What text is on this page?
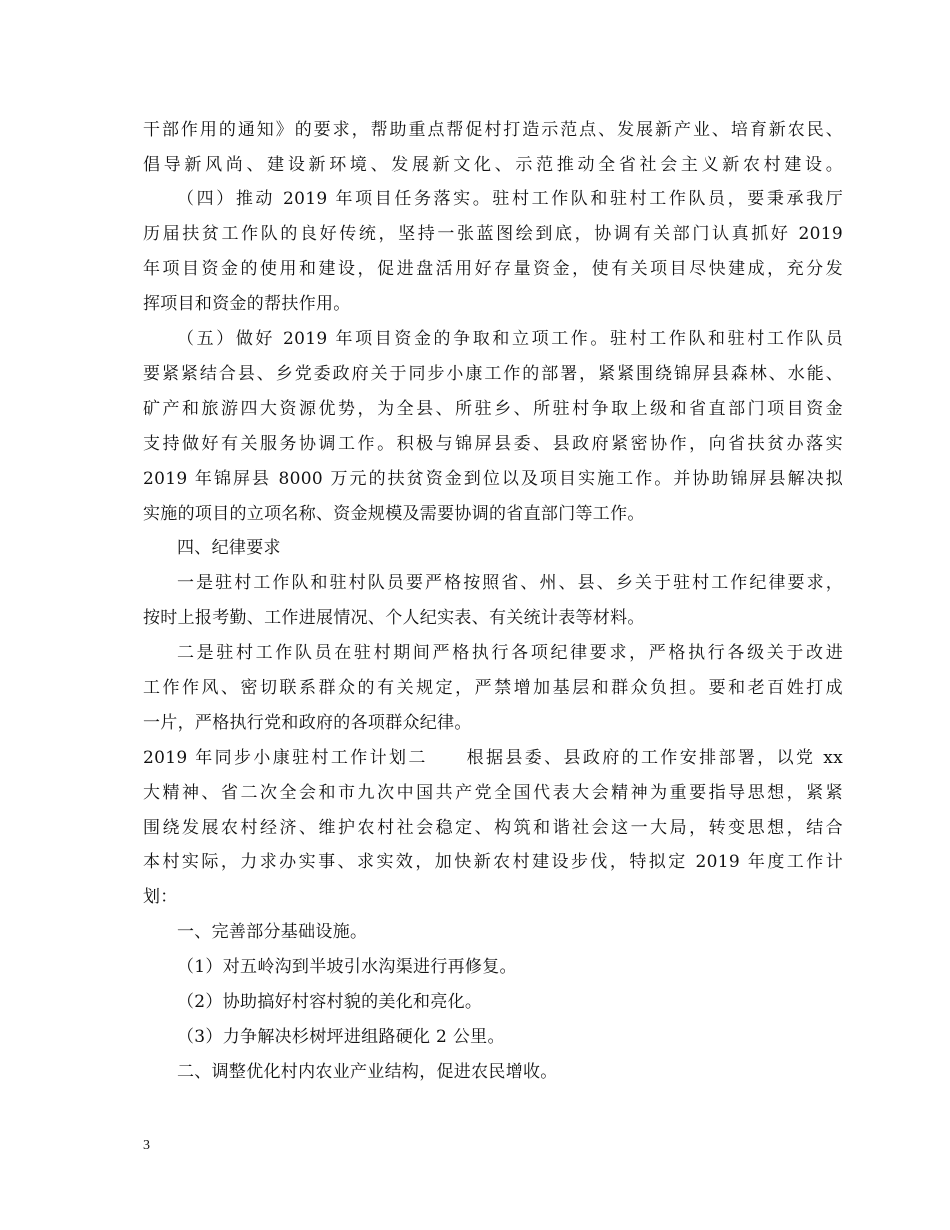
干部作用的通知》的要求，帮助重点帮促村打造示范点、发展新产业、培育新农民、
倡导新风尚、建设新环境、发展新文化、示范推动全省社会主义新农村建设。
（四）推动 2019 年项目任务落实。驻村工作队和驻村工作队员，要秉承我厅
历届扶贫工作队的良好传统，坚持一张蓝图绘到底，协调有关部门认真抓好 2019
年项目资金的使用和建设，促进盘活用好存量资金，使有关项目尽快建成，充分发
挥项目和资金的帮扶作用。
（五）做好 2019 年项目资金的争取和立项工作。驻村工作队和驻村工作队员
要紧紧结合县、乡党委政府关于同步小康工作的部署，紧紧围绕锦屏县森林、水能、
矿产和旅游四大资源优势，为全县、所驻乡、所驻村争取上级和省直部门项目资金
支持做好有关服务协调工作。积极与锦屏县委、县政府紧密协作，向省扶贫办落实
2019 年锦屏县 8000 万元的扶贫资金到位以及项目实施工作。并协助锦屏县解决拟
实施的项目的立项名称、资金规模及需要协调的省直部门等工作。
四、纪律要求
一是驻村工作队和驻村队员要严格按照省、州、县、乡关于驻村工作纪律要求，
按时上报考勤、工作进展情况、个人纪实表、有关统计表等材料。
二是驻村工作队员在驻村期间严格执行各项纪律要求，严格执行各级关于改进
工作作风、密切联系群众的有关规定，严禁增加基层和群众负担。要和老百姓打成
一片，严格执行党和政府的各项群众纪律。
2019 年同步小康驻村工作计划二　　根据县委、县政府的工作安排部署，以党 xx
大精神、省二次全会和市九次中国共产党全国代表大会精神为重要指导思想，紧紧
围绕发展农村经济、维护农村社会稳定、构筑和谐社会这一大局，转变思想，结合
本村实际，力求办实事、求实效，加快新农村建设步伐，特拟定 2019 年度工作计
划：
一、完善部分基础设施。
（1）对五岭沟到半坡引水沟渠进行再修复。
（2）协助搞好村容村貌的美化和亮化。
（3）力争解决杉树坪进组路硬化 2 公里。
二、调整优化村内农业产业结构，促进农民增收。
3
